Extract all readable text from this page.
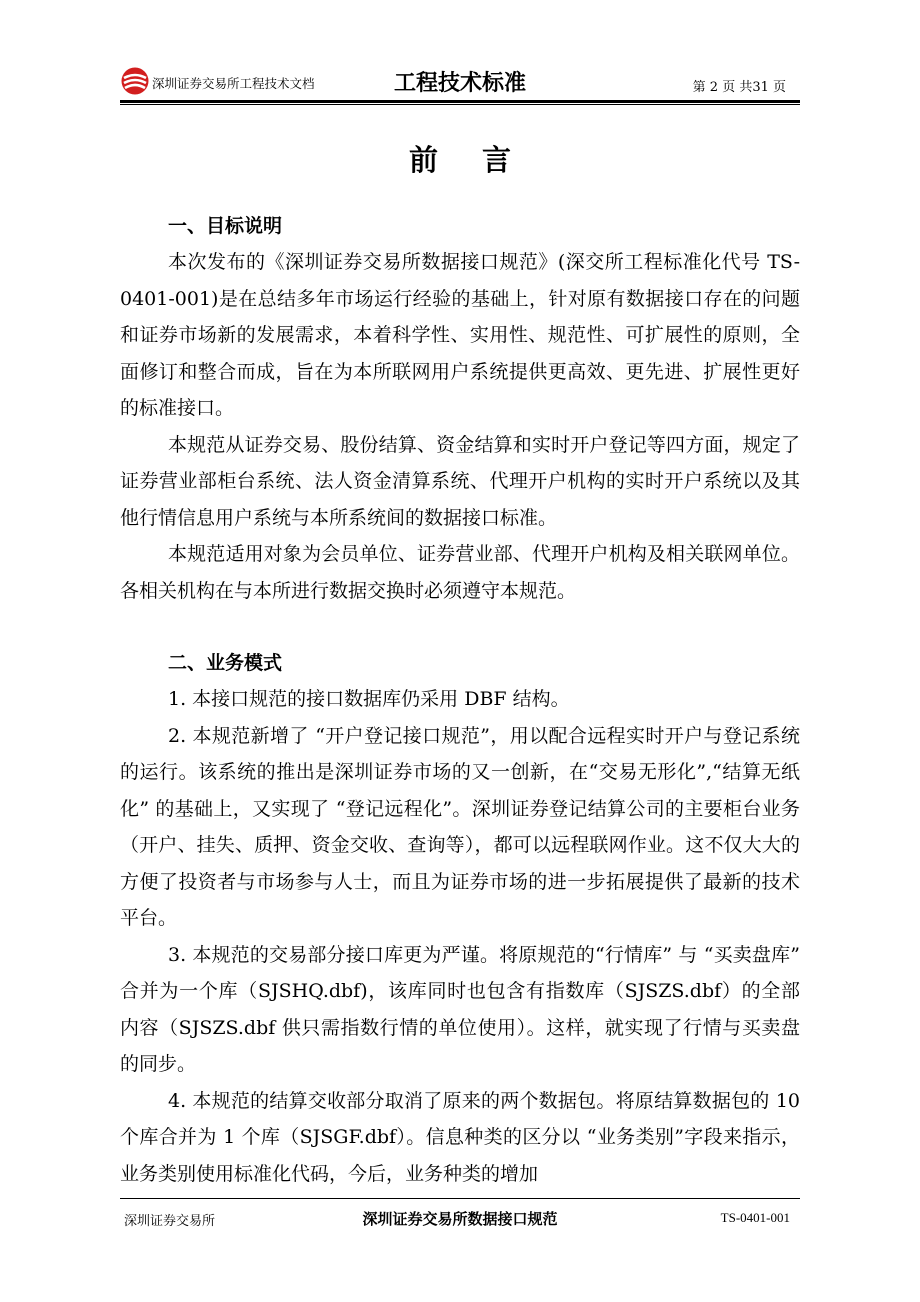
深圳证券交易所工程技术文档	工程技术标准	第 2 页 共31 页
前言
一、目标说明

本次发布的《深圳证券交易所数据接口规范》(深交所工程标准化代号 TS-0401-001)是在总结多年市场运行经验的基础上，针对原有数据接口存在的问题和证券市场新的发展需求，本着科学性、实用性、规范性、可扩展性的原则，全面修订和整合而成，旨在为本所联网用户系统提供更高效、更先进、扩展性更好的标准接口。

本规范从证券交易、股份结算、资金结算和实时开户登记等四方面，规定了证券营业部柜台系统、法人资金清算系统、代理开户机构的实时开户系统以及其他行情信息用户系统与本所系统间的数据接口标准。

本规范适用对象为会员单位、证券营业部、代理开户机构及相关联网单位。各相关机构在与本所进行数据交换时必须遵守本规范。

二、业务模式

1. 本接口规范的接口数据库仍采用 DBF 结构。

2. 本规范新增了 “开户登记接口规范”，用以配合远程实时开户与登记系统的运行。该系统的推出是深圳证券市场的又一创新，在“交易无形化”,“结算无纸化” 的基础上，又实现了 “登记远程化”。深圳证券登记结算公司的主要柜台业务（开户、挂失、质押、资金交收、查询等），都可以远程联网作业。这不仅大大的方便了投资者与市场参与人士，而且为证券市场的进一步拓展提供了最新的技术平台。

3. 本规范的交易部分接口库更为严谨。将原规范的“行情库” 与 “买卖盘库” 合并为一个库（SJSHQ.dbf)，该库同时也包含有指数库（SJSZS.dbf）的全部内容（SJSZS.dbf 供只需指数行情的单位使用）。这样，就实现了行情与买卖盘的同步。

4. 本规范的结算交收部分取消了原来的两个数据包。将原结算数据包的 10 个库合并为 1 个库（SJSGF.dbf）。信息种类的区分以 “业务类别”字段来指示，业务类别使用标准化代码，今后，业务种类的增加

深圳证券交易所	深圳证券交易所数据接口规范	TS-0401-001
